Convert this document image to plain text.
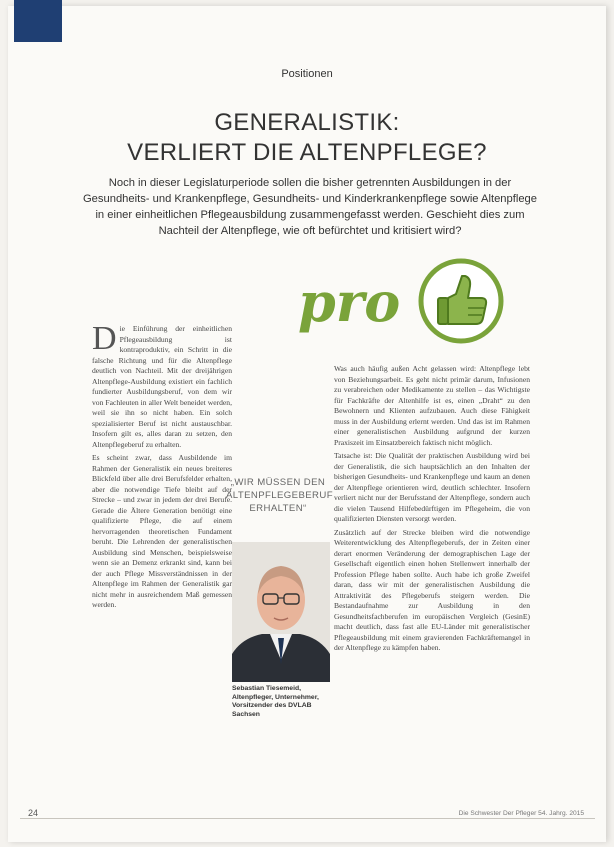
Positionen
GENERALISTIK:
VERLIERT DIE ALTENPFLEGE?
Noch in dieser Legislaturperiode sollen die bisher getrennten Ausbildungen in der Gesundheits- und Krankenpflege, Gesundheits- und Kinderkrankenpflege sowie Altenpflege in einer einheitlichen Pflegeausbildung zusammengefasst werden. Geschieht dies zum Nachteil der Altenpflege, wie oft befürchtet und kritisiert wird?
pro

Die Einführung der einheitlichen Pflegeausbildung ist kontraproduktiv, ein Schritt in die falsche Richtung und für die Altenpflege deutlich von Nachteil. Mit der dreijährigen Altenpflege-Ausbildung existiert ein fachlich fundierter Ausbildungsberuf, von dem wir von Fachleuten in aller Welt beneidet werden, weil sie ihn so nicht haben. Ein solch spezialisierter Beruf ist nicht austauschbar. Insofern gilt es, alles daran zu setzen, den Altenpflegeberuf zu erhalten.

Es scheint zwar, dass Ausbildende im Rahmen der Generalistik ein neues breiteres Blickfeld über alle drei Berufsfelder erhalten, aber die notwendige Tiefe bleibt auf der Strecke – und zwar in jedem der drei Berufe. Gerade die Ältere Generation benötigt eine qualifizierte Pflege, die auf einem hervorragenden theoretischen Fundament beruht. Die Lehrenden der generalistischen Ausbildung sind Menschen, beispielsweise wenn sie an Demenz erkrankt sind, kann bei der auch Pflege Missverständnissen in der Altenpflege im Rahmen der Generalistik gar nicht mehr in ausreichendem Maß gemessen werden.

„WIR MÜSSEN DEN ALTENPFLEGEBERUF ERHALTEN“
Sebastian Tiesemeid, Altenpfleger, Unternehmer, Vorsitzender des DVLAB Sachsen

Was auch häufig außen Acht gelassen wird: Altenpflege lebt von Beziehungsarbeit. Es geht nicht primär darum, Infusionen zu verabreichen oder Medikamente zu stellen – das Wichtigste für Fachkräfte der Altenhilfe ist es, einen „Draht“ zu den Bewohnern und Klienten aufzubauen. Auch diese Fähigkeit muss in der Ausbildung erlernt werden. Und das ist im Rahmen einer generalistischen Ausbildung aufgrund der kurzen Praxiszeit im Einsatzbereich faktisch nicht möglich.

Tatsache ist: Die Qualität der praktischen Ausbildung wird bei der Generalistik, die sich hauptsächlich an den Inhalten der bisherigen Gesundheits- und Krankenpflege und kaum an denen der Altenpflege orientieren wird, deutlich schlechter. Insofern verliert nicht nur der Berufsstand der Altenpflege, sondern auch die vielen Tausend Hilfebedürftigen im Pflegeheim, die von qualifizierten Diensten versorgt werden.

Zusätzlich auf der Strecke bleiben wird die notwendige Weiterentwicklung des Altenpflegeberufs, der in Zeiten einer derart enormen Veränderung der demographischen Lage der Gesellschaft eigentlich einen hohen Stellenwert innerhalb der Profession Pflege haben sollte. Auch habe ich große Zweifel daran, dass wir mit der generalistischen Ausbildung die Attraktivität des Pflegeberufs steigern werden. Die Bestandaufnahme zur Ausbildung in den Gesundheitsfachberufen im europäischen Vergleich (GesinE) macht deutlich, dass fast alle EU-Länder mit generalistischer Pflegeausbildung mit einem gravierenden Fachkräftemangel in der Altenpflege zu kämpfen haben.

24	Die Schwester Der Pfleger 54. Jahrg. 2015
